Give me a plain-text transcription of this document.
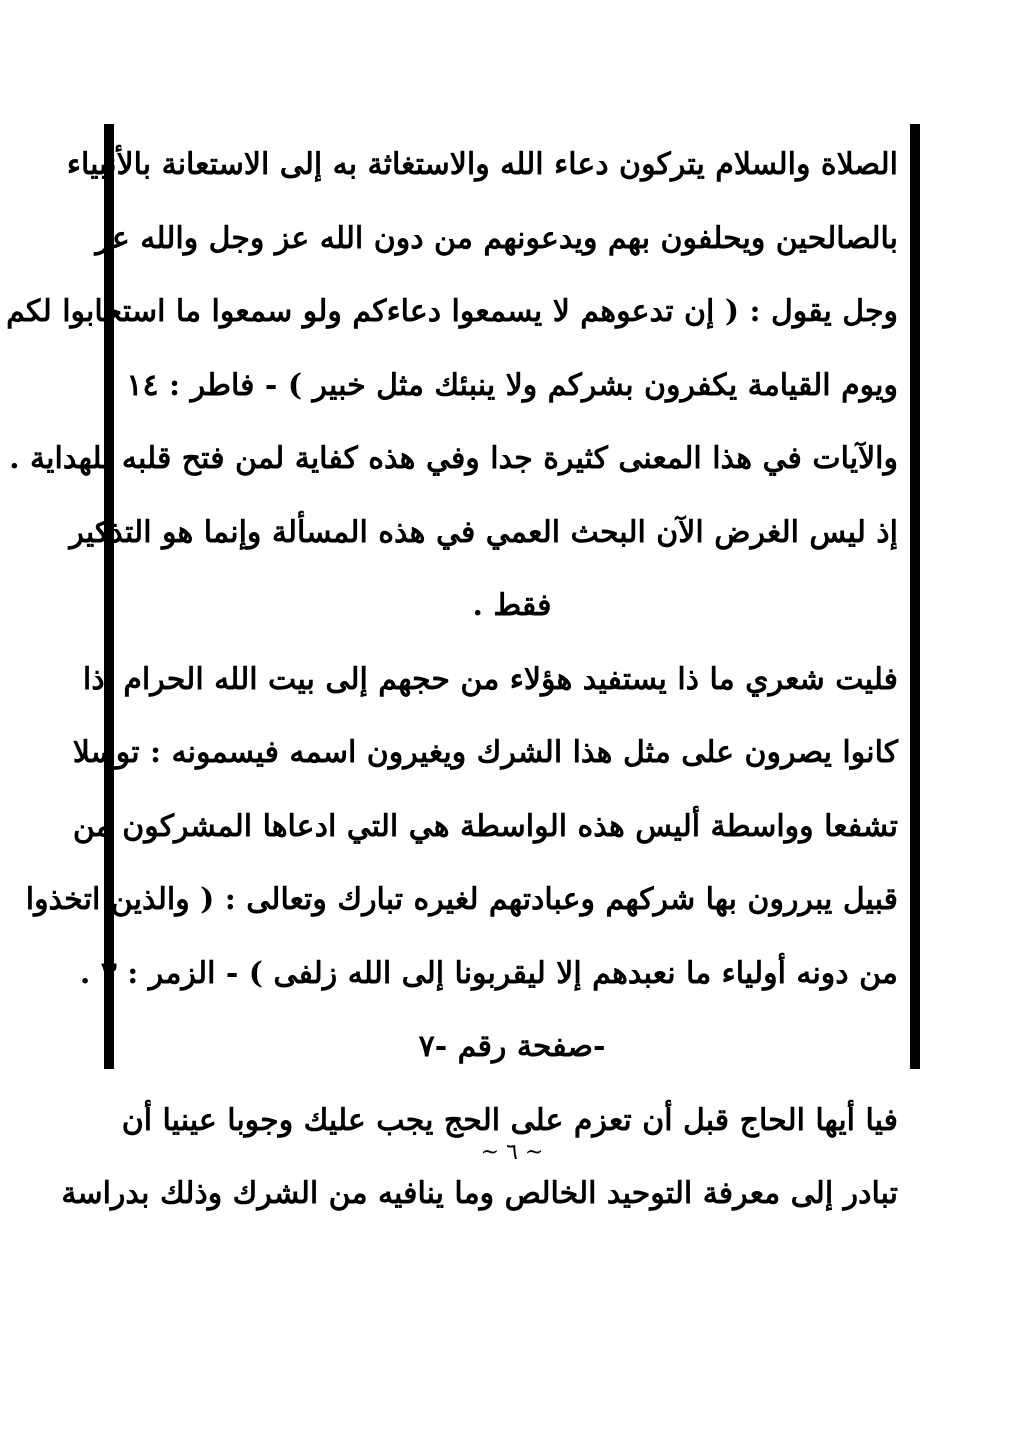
الصلاة والسلام يتركون دعاء الله والاستغاثة به إلى الاستعانة بالأنبياء
بالصالحين ويحلفون بهم ويدعونهم من دون الله عز وجل والله عز
وجل يقول : ( إن تدعوهم لا يسمعوا دعاءكم ولو سمعوا ما استجابوا لكم
ويوم القيامة يكفرون بشركم ولا ينبئك مثل خبير ) - فاطر : ١٤ .
والآيات في هذا المعنى كثيرة جدا وفي هذه كفاية لمن فتح قلبه للهداية .
إذ ليس الغرض الآن البحث العمي في هذه المسألة وإنما هو التذكير
فقط .
فليت شعري ما ذا يستفيد هؤلاء من حجهم إلى بيت الله الحرام إذا
كانوا يصرون على مثل هذا الشرك ويغيرون اسمه فيسمونه : توسلا
تشفعا وواسطة أليس هذه الواسطة هي التي ادعاها المشركون من
قبيل يبررون بها شركهم وعبادتهم لغيره تبارك وتعالى : ( والذين اتخذوا
من دونه أولياء ما نعبدهم إلا ليقربونا إلى الله زلفى ) - الزمر : ٣ .
-صفحة رقم -٧
فيا أيها الحاج قبل أن تعزم على الحج يجب عليك وجوبا عينيا أن
تبادر إلى معرفة التوحيد الخالص وما ينافيه من الشرك وذلك بدراسة
~ ٦ ~
